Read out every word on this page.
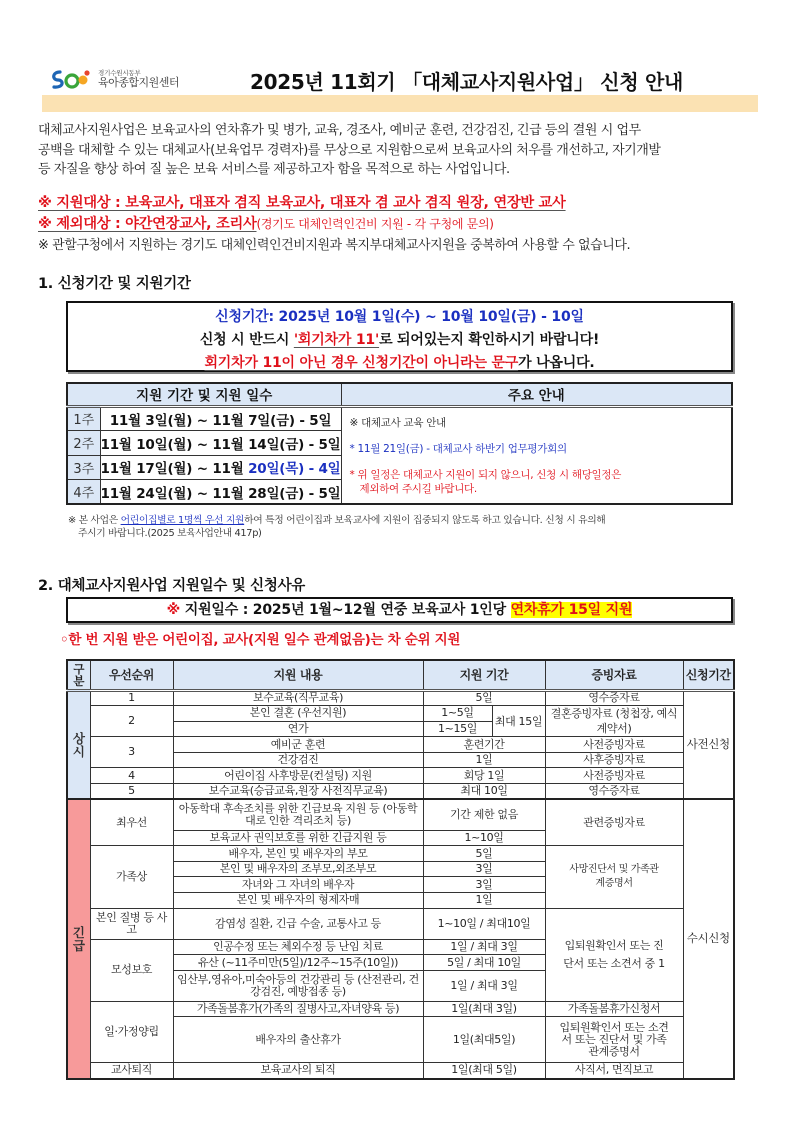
경기수원시동부
육아종합지원센터	2025년 11회기 「대체교사지원사업」 신청 안내

대체교사지원사업은 보육교사의 연차휴가 및 병가, 교육, 경조사, 예비군 훈련, 건강검진, 긴급 등의 결원 시 업무

공백을 대체할 수 있는 대체교사(보육업무 경력자)를 무상으로 지원함으로써 보육교사의 처우를 개선하고, 자기개발

등 자질을 향상 하여 질 높은 보육 서비스를 제공하고자 함을 목적으로 하는 사업입니다.

※ 지원대상 : 보육교사, 대표자 겸직 보육교사, 대표자 겸 교사 겸직 원장, 연장반 교사
※ 제외대상 : 야간연장교사, 조리사(경기도 대체인력인건비 지원 - 각 구청에 문의)
※ 관할구청에서 지원하는 경기도 대체인력인건비지원과 복지부대체교사지원을 중복하여 사용할 수 없습니다.
1. 신청기간 및 지원기간
신청기간: 2025년 10월 1일(수) ~ 10월 10일(금) - 10일
신청 시 반드시 '회기차가 11'로 되어있는지 확인하시기 바랍니다!
회기차가 11이 아닌 경우 신청기간이 아니라는 문구가 나옵니다.
지원 기간 및 지원 일수		주요 안내
1주	11월 3일(월) ~ 11월 7일(금) - 5일	※ 대체교사 교육 안내
* 11월 21일(금) - 대체교사 하반기 업무평가회의
* 위 일정은 대체교사 지원이 되지 않으니, 신청 시 해당일정은
제외하여 주시길 바랍니다.

2주	11월 10일(월) ~ 11월 14일(금) - 5일	
3주	11월 17일(월) ~ 11월 20일(목) - 4일	
4주	11월 24일(월) ~ 11월 28일(금) - 5일	
※ 본 사업은 어린이집별로 1명씩 우선 지원하여 특정 어린이집과 보육교사에 지원이 집중되지 않도록 하고 있습니다. 신청 시 유의해
주시기 바랍니다.(2025 보육사업안내 417p)
2. 대체교사지원사업 지원일수 및 신청사유
※ 지원일수 : 2025년 1월~12월 연중 보육교사 1인당 연차휴가 15일 지원
◦한 번 지원 받은 어린이집, 교사(지원 일수 관계없음)는 차 순위 지원
구분	우선순위	지원 내용	지원 기간		증빙자료	신청기간
상시	1	보수교육(직무교육)	5일		영수증자료	사전신청
	2	본인 결혼 (우선지원)	1~5일	최대 15일	결혼증빙자료 (청첩장, 예식계약서)	
		연가	1~15일			
	3	예비군 훈련	훈련기간		사전증빙자료	
		건강검진	1일		사후증빙자료	
	4	어린이집 사후방문(컨설팅) 지원	회당 1일		사전증빙자료	
	5	보수교육(승급교육,원장 사전직무교육)	최대 10일		영수증자료	
긴급	최우선	아동학대 후속조치를 위한 긴급보육 지원 등 (아동학대로 인한 격리조치 등)	기간 제한 없음		관련증빙자료	수시신청
		보육교사 권익보호를 위한 긴급지원 등	1~10일			
	가족상	배우자, 본인 및 배우자의 부모	5일		사망진단서 및 가족관계증명서	
		본인 및 배우자의 조부모,외조부모	3일			
		자녀와 그 자녀의 배우자	3일			
		본인 및 배우자의 형제자매	1일			
	본인 질병 등 사고	감염성 질환, 긴급 수술, 교통사고 등	1~10일 / 최대10일		입퇴원확인서 또는 진단서 또는 소견서 중 1	
	모성보호	인공수정 또는 체외수정 등 난임 치료	1일 / 최대 3일			
		유산 (~11주미만(5일)/12주~15주(10일))	5일 / 최대 10일			
		임산부,영유아,미숙아등의 건강관리 등 (산전관리, 건강검진, 예방접종 등)	1일 / 최대 3일			
	일·가정양립	가족돌봄휴가(가족의 질병사고,자녀양육 등)	1일(최대 3일)		가족돌봄휴가신청서	
		배우자의 출산휴가	1일(최대5일)		입퇴원확인서 또는 소견서 또는 진단서 및 가족관계증명서	
	교사퇴직	보육교사의 퇴직	1일(최대 5일)		사직서, 면직보고	
